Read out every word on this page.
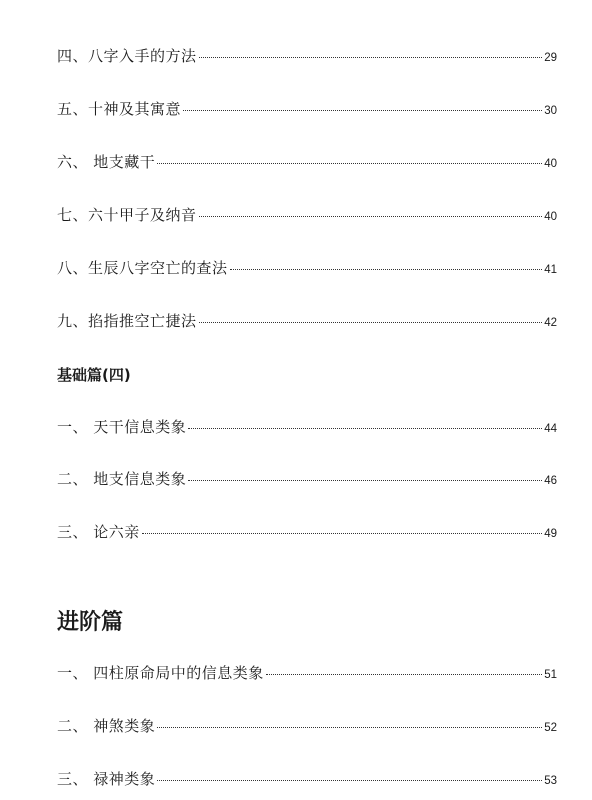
四、八字入手的方法	29
五、十神及其寓意	30
六、 地支藏干	40
七、六十甲子及纳音	40
八、生辰八字空亡的查法	41
九、掐指推空亡捷法	42
基础篇(四)
一、 天干信息类象	44
二、 地支信息类象	46
三、 论六亲	49
进阶篇
一、 四柱原命局中的信息类象	51
二、 神煞类象	52
三、 禄神类象	53
